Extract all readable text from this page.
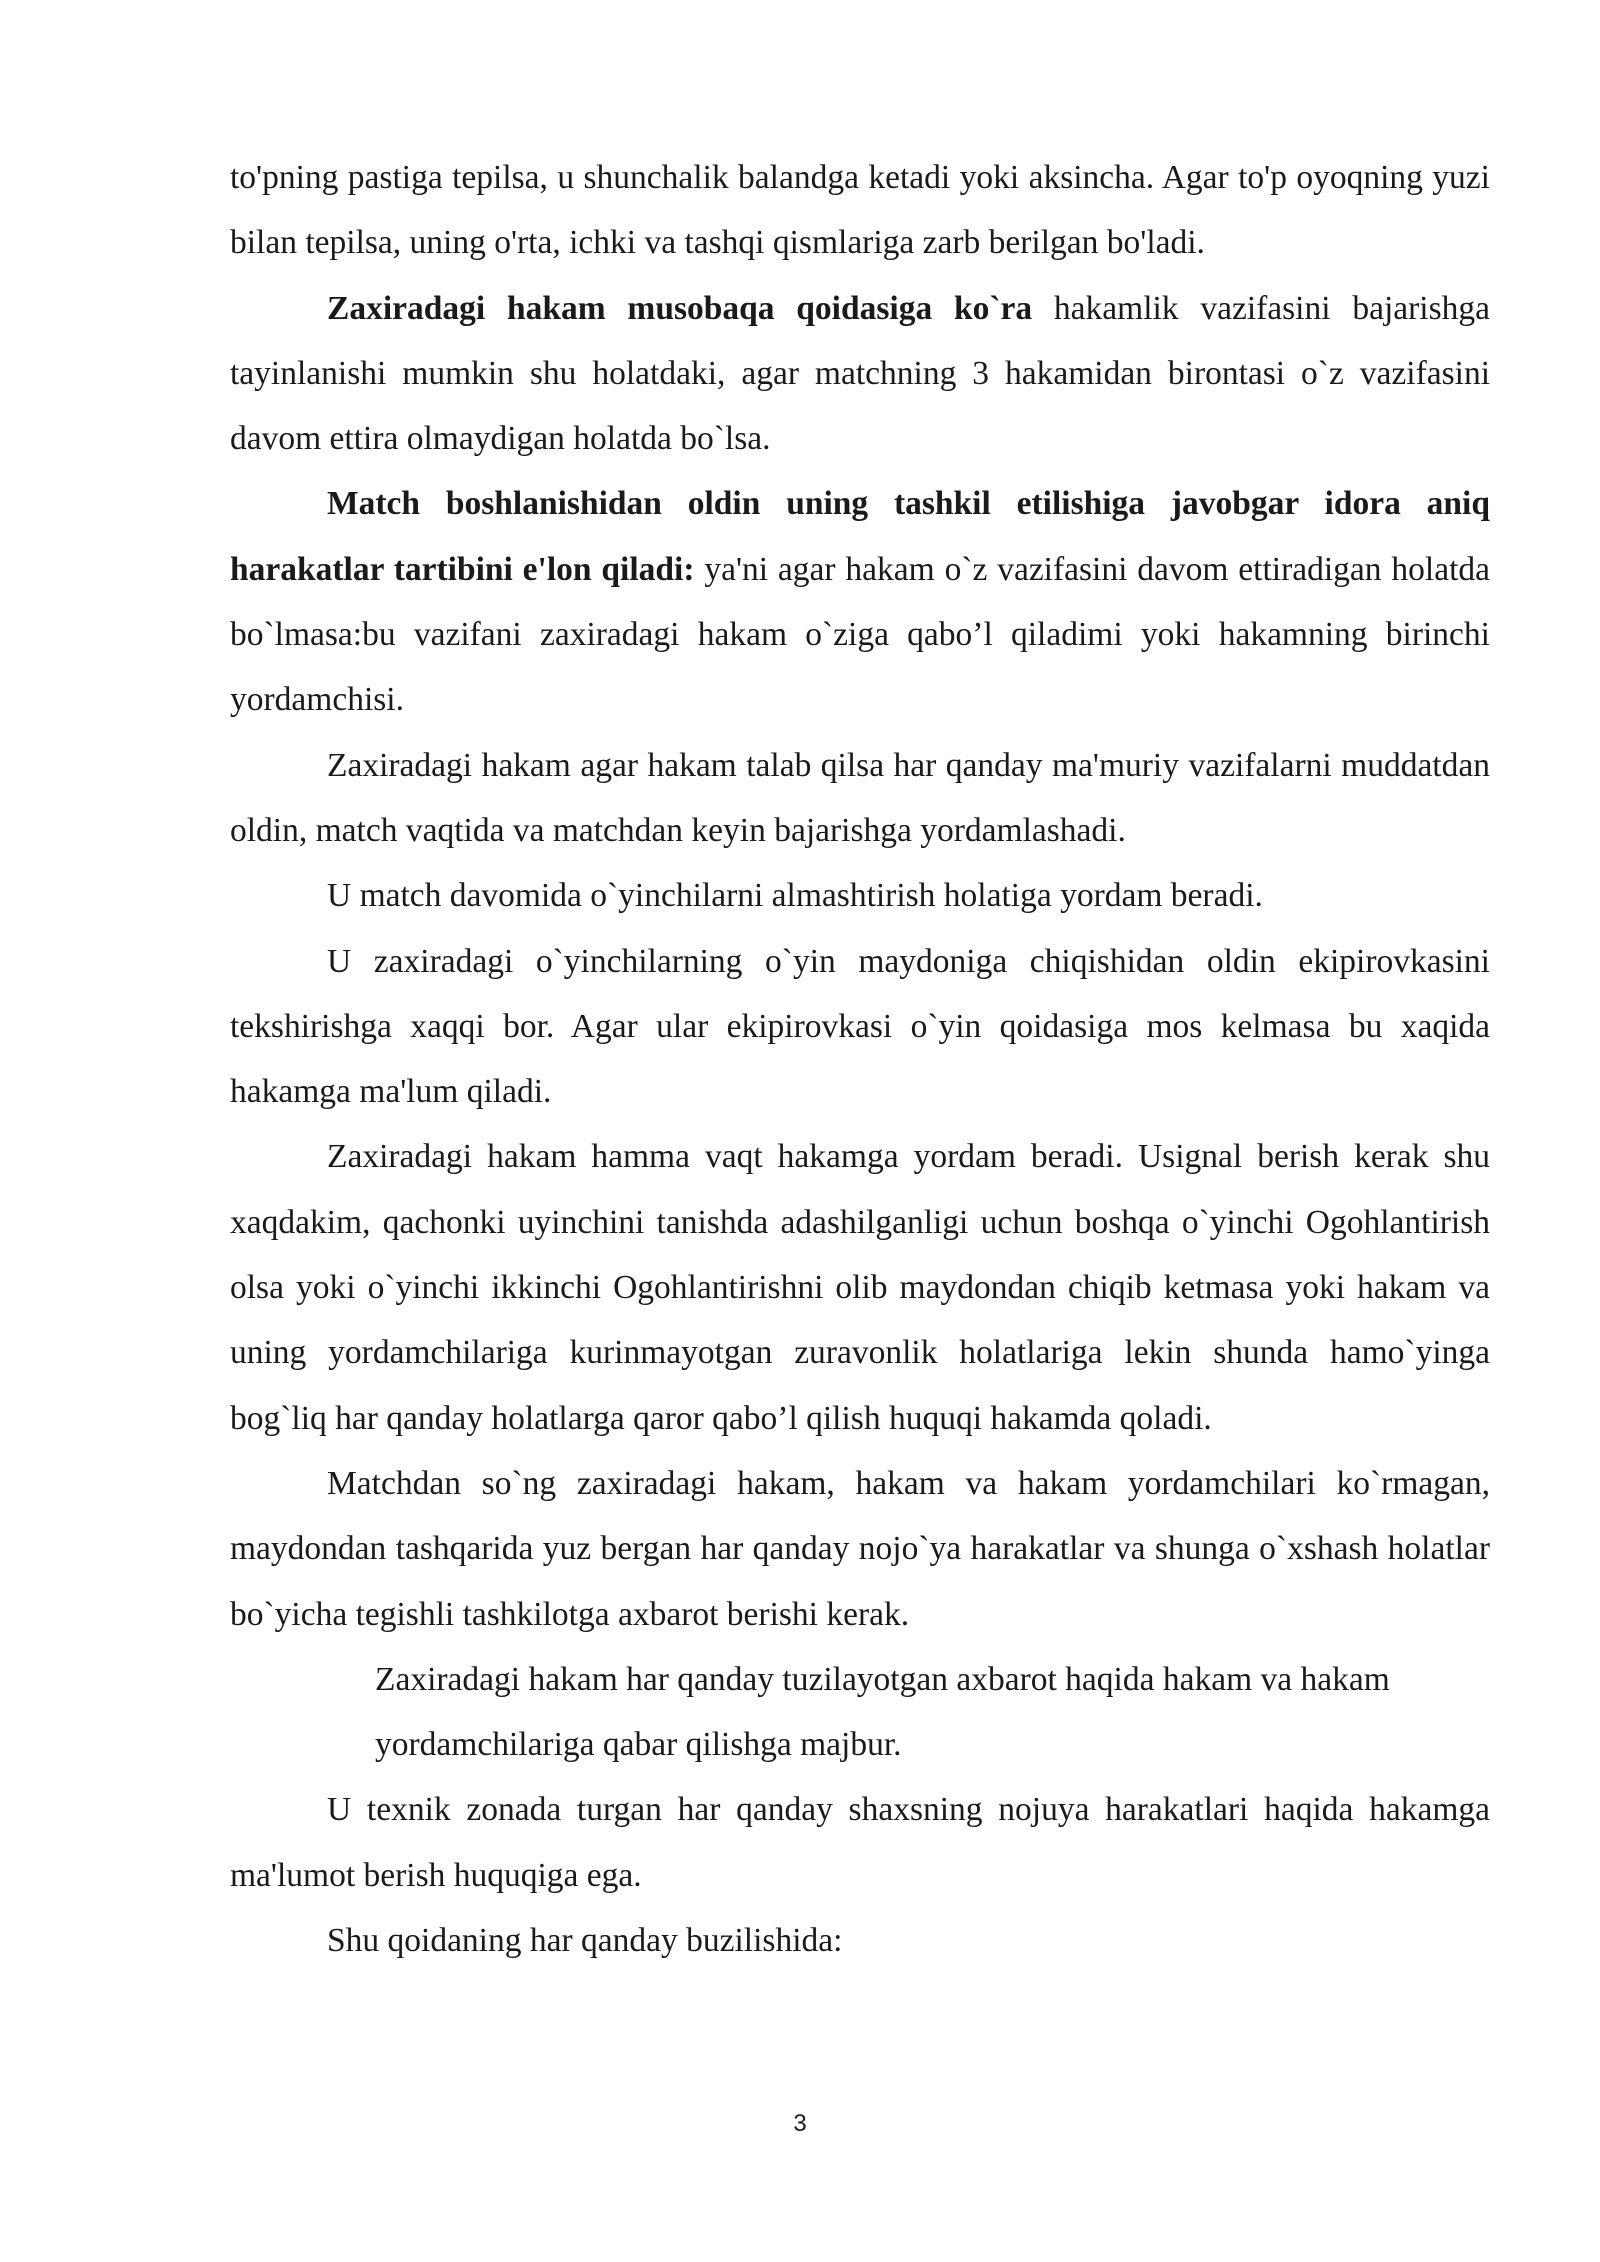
to'pning pastiga tepilsa, u shunchalik balandga ketadi yoki aksincha. Agar to'p oyoqning yuzi bilan tepilsa, uning o'rta, ichki va tashqi qismlariga zarb berilgan bo'ladi.

Zaxiradagi hakam musobaqa qoidasiga ko`ra hakamlik vazifasini bajarishga tayinlanishi mumkin shu holatdaki, agar matchning 3 hakamidan birontasi o`z vazifasini davom ettira olmaydigan holatda bo`lsa.

Match boshlanishidan oldin uning tashkil etilishiga javobgar idora aniq harakatlar tartibini e'lon qiladi: ya'ni agar hakam o`z vazifasini davom ettiradigan holatda bo`lmasa:bu vazifani zaxiradagi hakam o`ziga qabo’l qiladimi yoki hakamning birinchi yordamchisi.

Zaxiradagi hakam agar hakam talab qilsa har qanday ma'muriy vazifalarni muddatdan oldin, match vaqtida va matchdan keyin bajarishga yordamlashadi.

U match davomida o`yinchilarni almashtirish holatiga yordam beradi.

U zaxiradagi o`yinchilarning o`yin maydoniga chiqishidan oldin ekipirovkasini tekshirishga xaqqi bor. Agar ular ekipirovkasi o`yin qoidasiga mos kelmasa bu xaqida hakamga ma'lum qiladi.

Zaxiradagi hakam hamma vaqt hakamga yordam beradi. Usignal berish kerak shu xaqdakim, qachonki uyinchini tanishda adashilganligi uchun boshqa o`yinchi Ogohlantirish olsa yoki o`yinchi ikkinchi Ogohlantirishni olib maydondan chiqib ketmasa yoki hakam va uning yordamchilariga kurinmayotgan zuravonlik holatlariga lekin shunda hamo`yinga bog`liq har qanday holatlarga qaror qabo’l qilish huquqi hakamda qoladi.

Matchdan so`ng zaxiradagi hakam, hakam va hakam yordamchilari ko`rmagan, maydondan tashqarida yuz bergan har qanday nojo`ya harakatlar va shunga o`xshash holatlar bo`yicha tegishli tashkilotga axbarot berishi kerak.

Zaxiradagi hakam har qanday tuzilayotgan axbarot haqida hakam va hakam yordamchilariga qabar qilishga majbur.

U texnik zonada turgan har qanday shaxsning nojuya harakatlari haqida hakamga ma'lumot berish huquqiga ega.

Shu qoidaning har qanday buzilishida:

3
